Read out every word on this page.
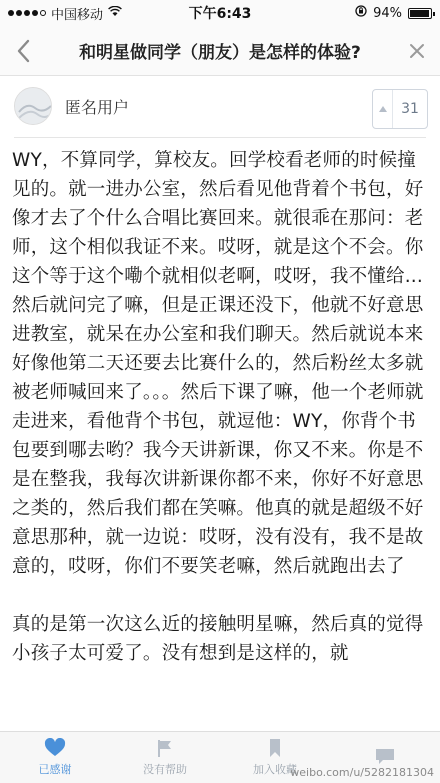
中国移动	下午6:43	94%
和明星做同学（朋友）是怎样的体验?
匿名用户	31

WY，不算同学，算校友。回学校看老师的时候撞见的。就一进办公室，然后看见他背着个书包，好像才去了个什么合唱比赛回来。就很乖在那问：老师，这个相似我证不来。哎呀，就是这个不会。你这个等于这个嘞个就相似老啊，哎呀，我不懂给...然后就问完了嘛，但是正课还没下，他就不好意思进教室，就呆在办公室和我们聊天。然后就说本来好像他第二天还要去比赛什么的，然后粉丝太多就被老师喊回来了。。。然后下课了嘛，他一个老师就走进来，看他背个书包，就逗他：WY，你背个书包要到哪去哟？我今天讲新课，你又不来。你是不是在整我，我每次讲新课你都不来，你好不好意思之类的，然后我们都在笑嘛。他真的就是超级不好意思那种，就一边说：哎呀，没有没有，我不是故意的，哎呀，你们不要笑老嘛，然后就跑出去了

真的是第一次这么近的接触明星嘛，然后真的觉得小孩子太可爱了。没有想到是这样的，就

已感谢	没有帮助	加入收藏
weibo.com/u/5282181304
